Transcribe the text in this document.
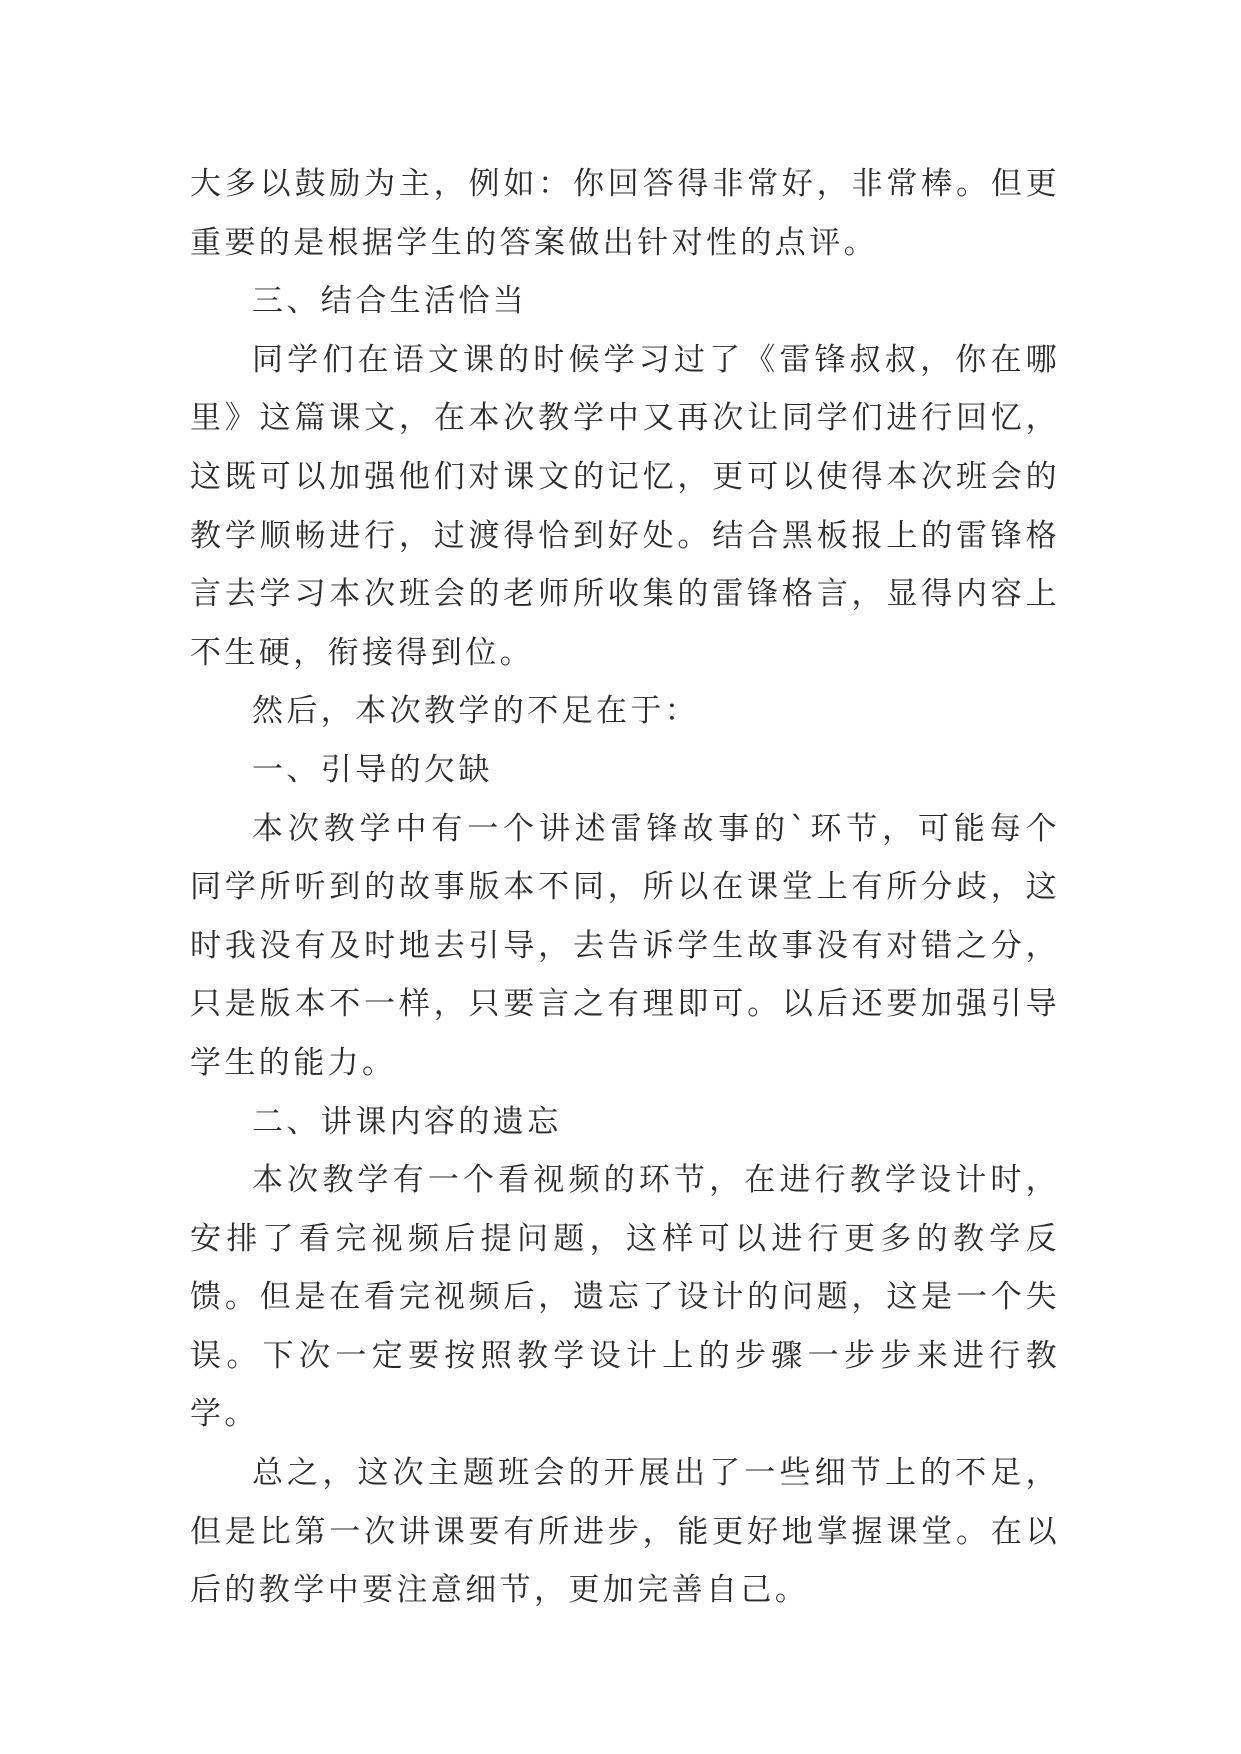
大多以鼓励为主，例如：你回答得非常好，非常棒。但更重要的是根据学生的答案做出针对性的点评。

三、结合生活恰当

同学们在语文课的时候学习过了《雷锋叔叔，你在哪里》这篇课文，在本次教学中又再次让同学们进行回忆，这既可以加强他们对课文的记忆，更可以使得本次班会的教学顺畅进行，过渡得恰到好处。结合黑板报上的雷锋格言去学习本次班会的老师所收集的雷锋格言，显得内容上不生硬，衔接得到位。

然后，本次教学的不足在于：

一、引导的欠缺

本次教学中有一个讲述雷锋故事的`环节，可能每个同学所听到的故事版本不同，所以在课堂上有所分歧，这时我没有及时地去引导，去告诉学生故事没有对错之分，只是版本不一样，只要言之有理即可。以后还要加强引导学生的能力。

二、讲课内容的遗忘

本次教学有一个看视频的环节，在进行教学设计时，安排了看完视频后提问题，这样可以进行更多的教学反馈。但是在看完视频后，遗忘了设计的问题，这是一个失误。下次一定要按照教学设计上的步骤一步步来进行教学。

总之，这次主题班会的开展出了一些细节上的不足，但是比第一次讲课要有所进步，能更好地掌握课堂。在以后的教学中要注意细节，更加完善自己。
